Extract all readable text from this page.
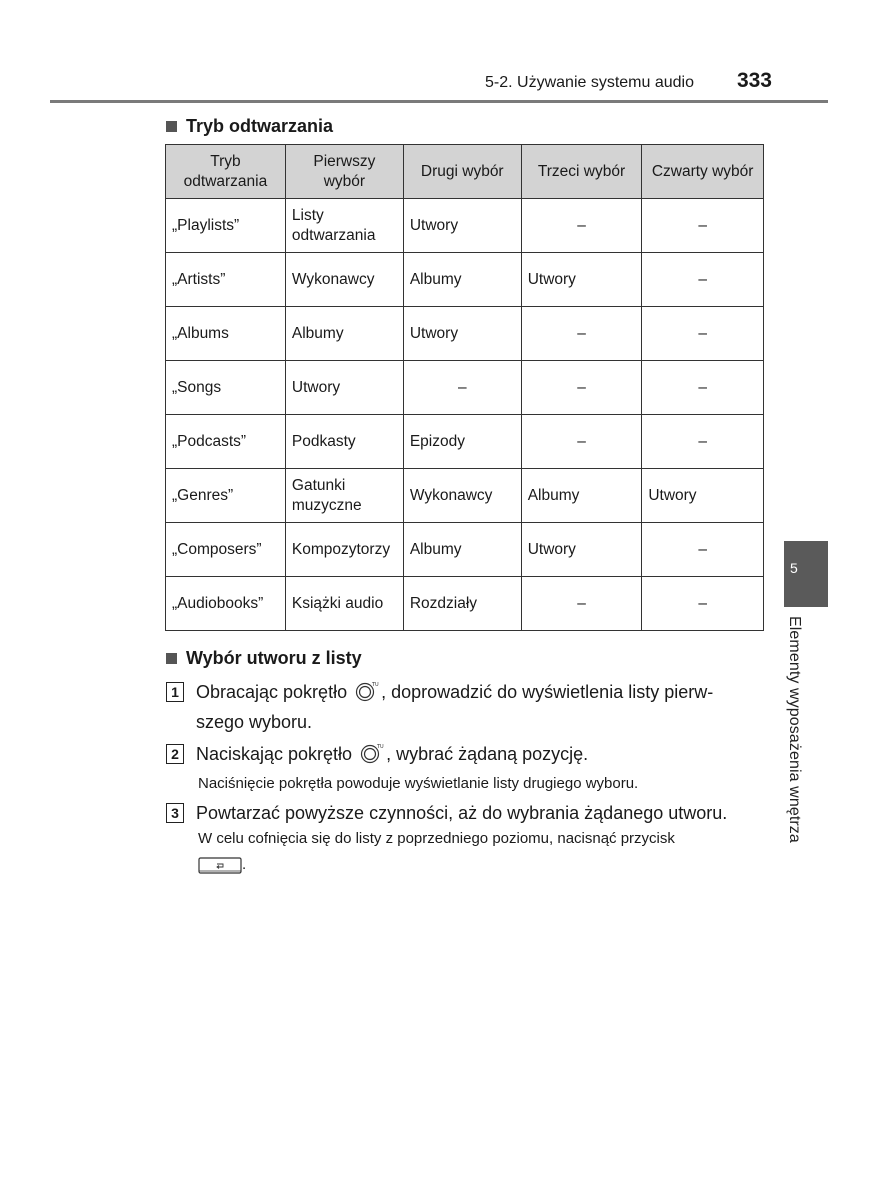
5-2. Używanie systemu audio 333
Tryb odtwarzania
Tryb odtwarzania	Pierwszy wybór	Drugi wybór	Trzeci wybór	Czwarty wybór
„Playlists”	Listy odtwarzania	Utwory	–	–
„Artists”	Wykonawcy	Albumy	Utwory	–
„Albums	Albumy	Utwory	–	–
„Songs	Utwory	–	–	–
„Podcasts”	Podkasty	Epizody	–	–
„Genres”	Gatunki muzyczne	Wykonawcy	Albumy	Utwory
„Composers”	Kompozytorzy	Albumy	Utwory	–
„Audiobooks”	Książki audio	Rozdziały	–	–
Wybór utworu z listy
1 Obracając pokrętło	TU , doprowadzić do wyświetlenia listy pierw-
szego wyboru.
2 Naciskając pokrętło	TU , wybrać żądaną pozycję.
Naciśnięcie pokrętła powoduje wyświetlanie listy drugiego wyboru.
3 Powtarzać powyższe czynności, aż do wybrania żądanego utworu.
W celu cofnięcia się do listy z poprzedniego poziomu, nacisnąć przycisk
.
5
Elementy wyposażenia wnętrza
